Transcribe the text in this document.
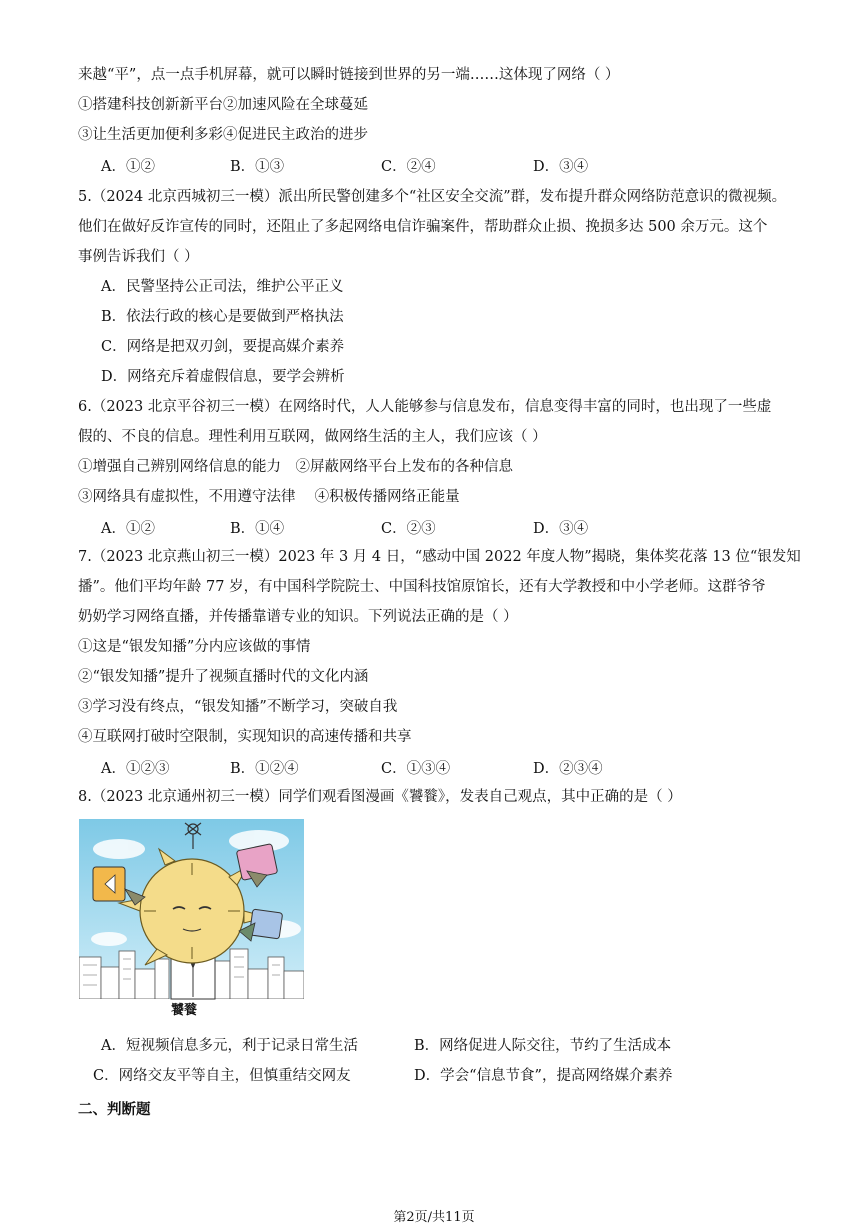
来越“平”，点一点手机屏幕，就可以瞬时链接到世界的另一端……这体现了网络（ ）
①搭建科技创新新平台②加速风险在全球蔓延
③让生活更加便利多彩④促进民主政治的进步
A．①②	B．①③	C．②④	D．③④
5.（2024 北京西城初三一模）派出所民警创建多个“社区安全交流”群，发布提升群众网络防范意识的微视频。
他们在做好反诈宣传的同时，还阻止了多起网络电信诈骗案件，帮助群众止损、挽损多达 500 余万元。这个
事例告诉我们（ ）
A．民警坚持公正司法，维护公平正义
B．依法行政的核心是要做到严格执法
C．网络是把双刃剑，要提高媒介素养
D．网络充斥着虚假信息，要学会辨析
6.（2023 北京平谷初三一模）在网络时代，人人能够参与信息发布，信息变得丰富的同时，也出现了一些虚
假的、不良的信息。理性利用互联网，做网络生活的主人，我们应该（ ）
①增强自己辨别网络信息的能力　②屏蔽网络平台上发布的各种信息
③网络具有虚拟性，不用遵守法律　 ④积极传播网络正能量
A．①②	B．①④	C．②③	D．③④
7.（2023 北京燕山初三一模）2023 年 3 月 4 日，“感动中国 2022 年度人物”揭晓，集体奖花落 13 位“银发知
播”。他们平均年龄 77 岁，有中国科学院院士、中国科技馆原馆长，还有大学教授和中小学老师。这群爷爷
奶奶学习网络直播，并传播靠谱专业的知识。下列说法正确的是（ ）
①这是“银发知播”分内应该做的事情
②“银发知播”提升了视频直播时代的文化内涵
③学习没有终点，“银发知播”不断学习，突破自我
④互联网打破时空限制，实现知识的高速传播和共享
A．①②③	B．①②④	C．①③④	D．②③④
8.（2023 北京通州初三一模）同学们观看图漫画《饕餮》，发表自己观点，其中正确的是（ ）
饕餮
A．短视频信息多元，利于记录日常生活	B．网络促进人际交往，节约了生活成本
C．网络交友平等自主，但慎重结交网友	D．学会“信息节食”，提高网络媒介素养
二、判断题
第2页/共11页
